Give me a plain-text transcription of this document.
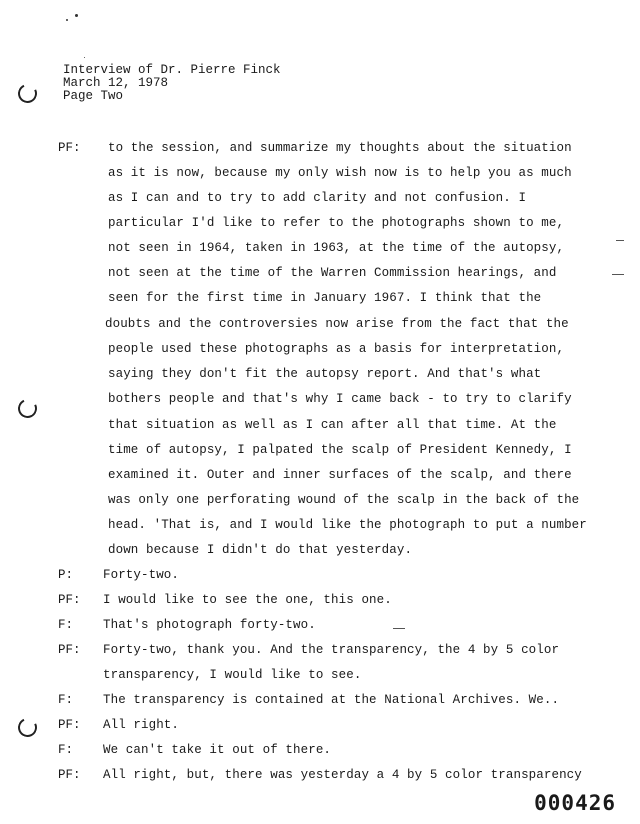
Interview of Dr. Pierre Finck
March 12, 1978
Page Two
PF: to the session, and summarize my thoughts about the situation
as it is now, because my only wish now is to help you as much
as I can and to try to add clarity and not confusion. I
particular I'd like to refer to the photographs shown to me,
not seen in 1964, taken in 1963, at the time of the autopsy,
not seen at the time of the Warren Commission hearings, and
seen for the first time in January 1967. I think that the
doubts and the controversies now arise from the fact that the
people used these photographs as a basis for interpretation,
saying they don't fit the autopsy report. And that's what
bothers people and that's why I came back - to try to clarify
that situation as well as I can after all that time. At the
time of autopsy, I palpated the scalp of President Kennedy, I
examined it. Outer and inner surfaces of the scalp, and there
was only one perforating wound of the scalp in the back of the
head. 'That is, and I would like the photograph to put a number
down because I didn't do that yesterday.
P: Forty-two.
PF: I would like to see the one, this one.
F: That's photograph forty-two.
PF: Forty-two, thank you. And the transparency, the 4 by 5 color
transparency, I would like to see.
F: The transparency is contained at the National Archives. We..
PF: All right.
F: We can't take it out of there.
PF: All right, but, there was yesterday a 4 by 5 color transparency
000426
